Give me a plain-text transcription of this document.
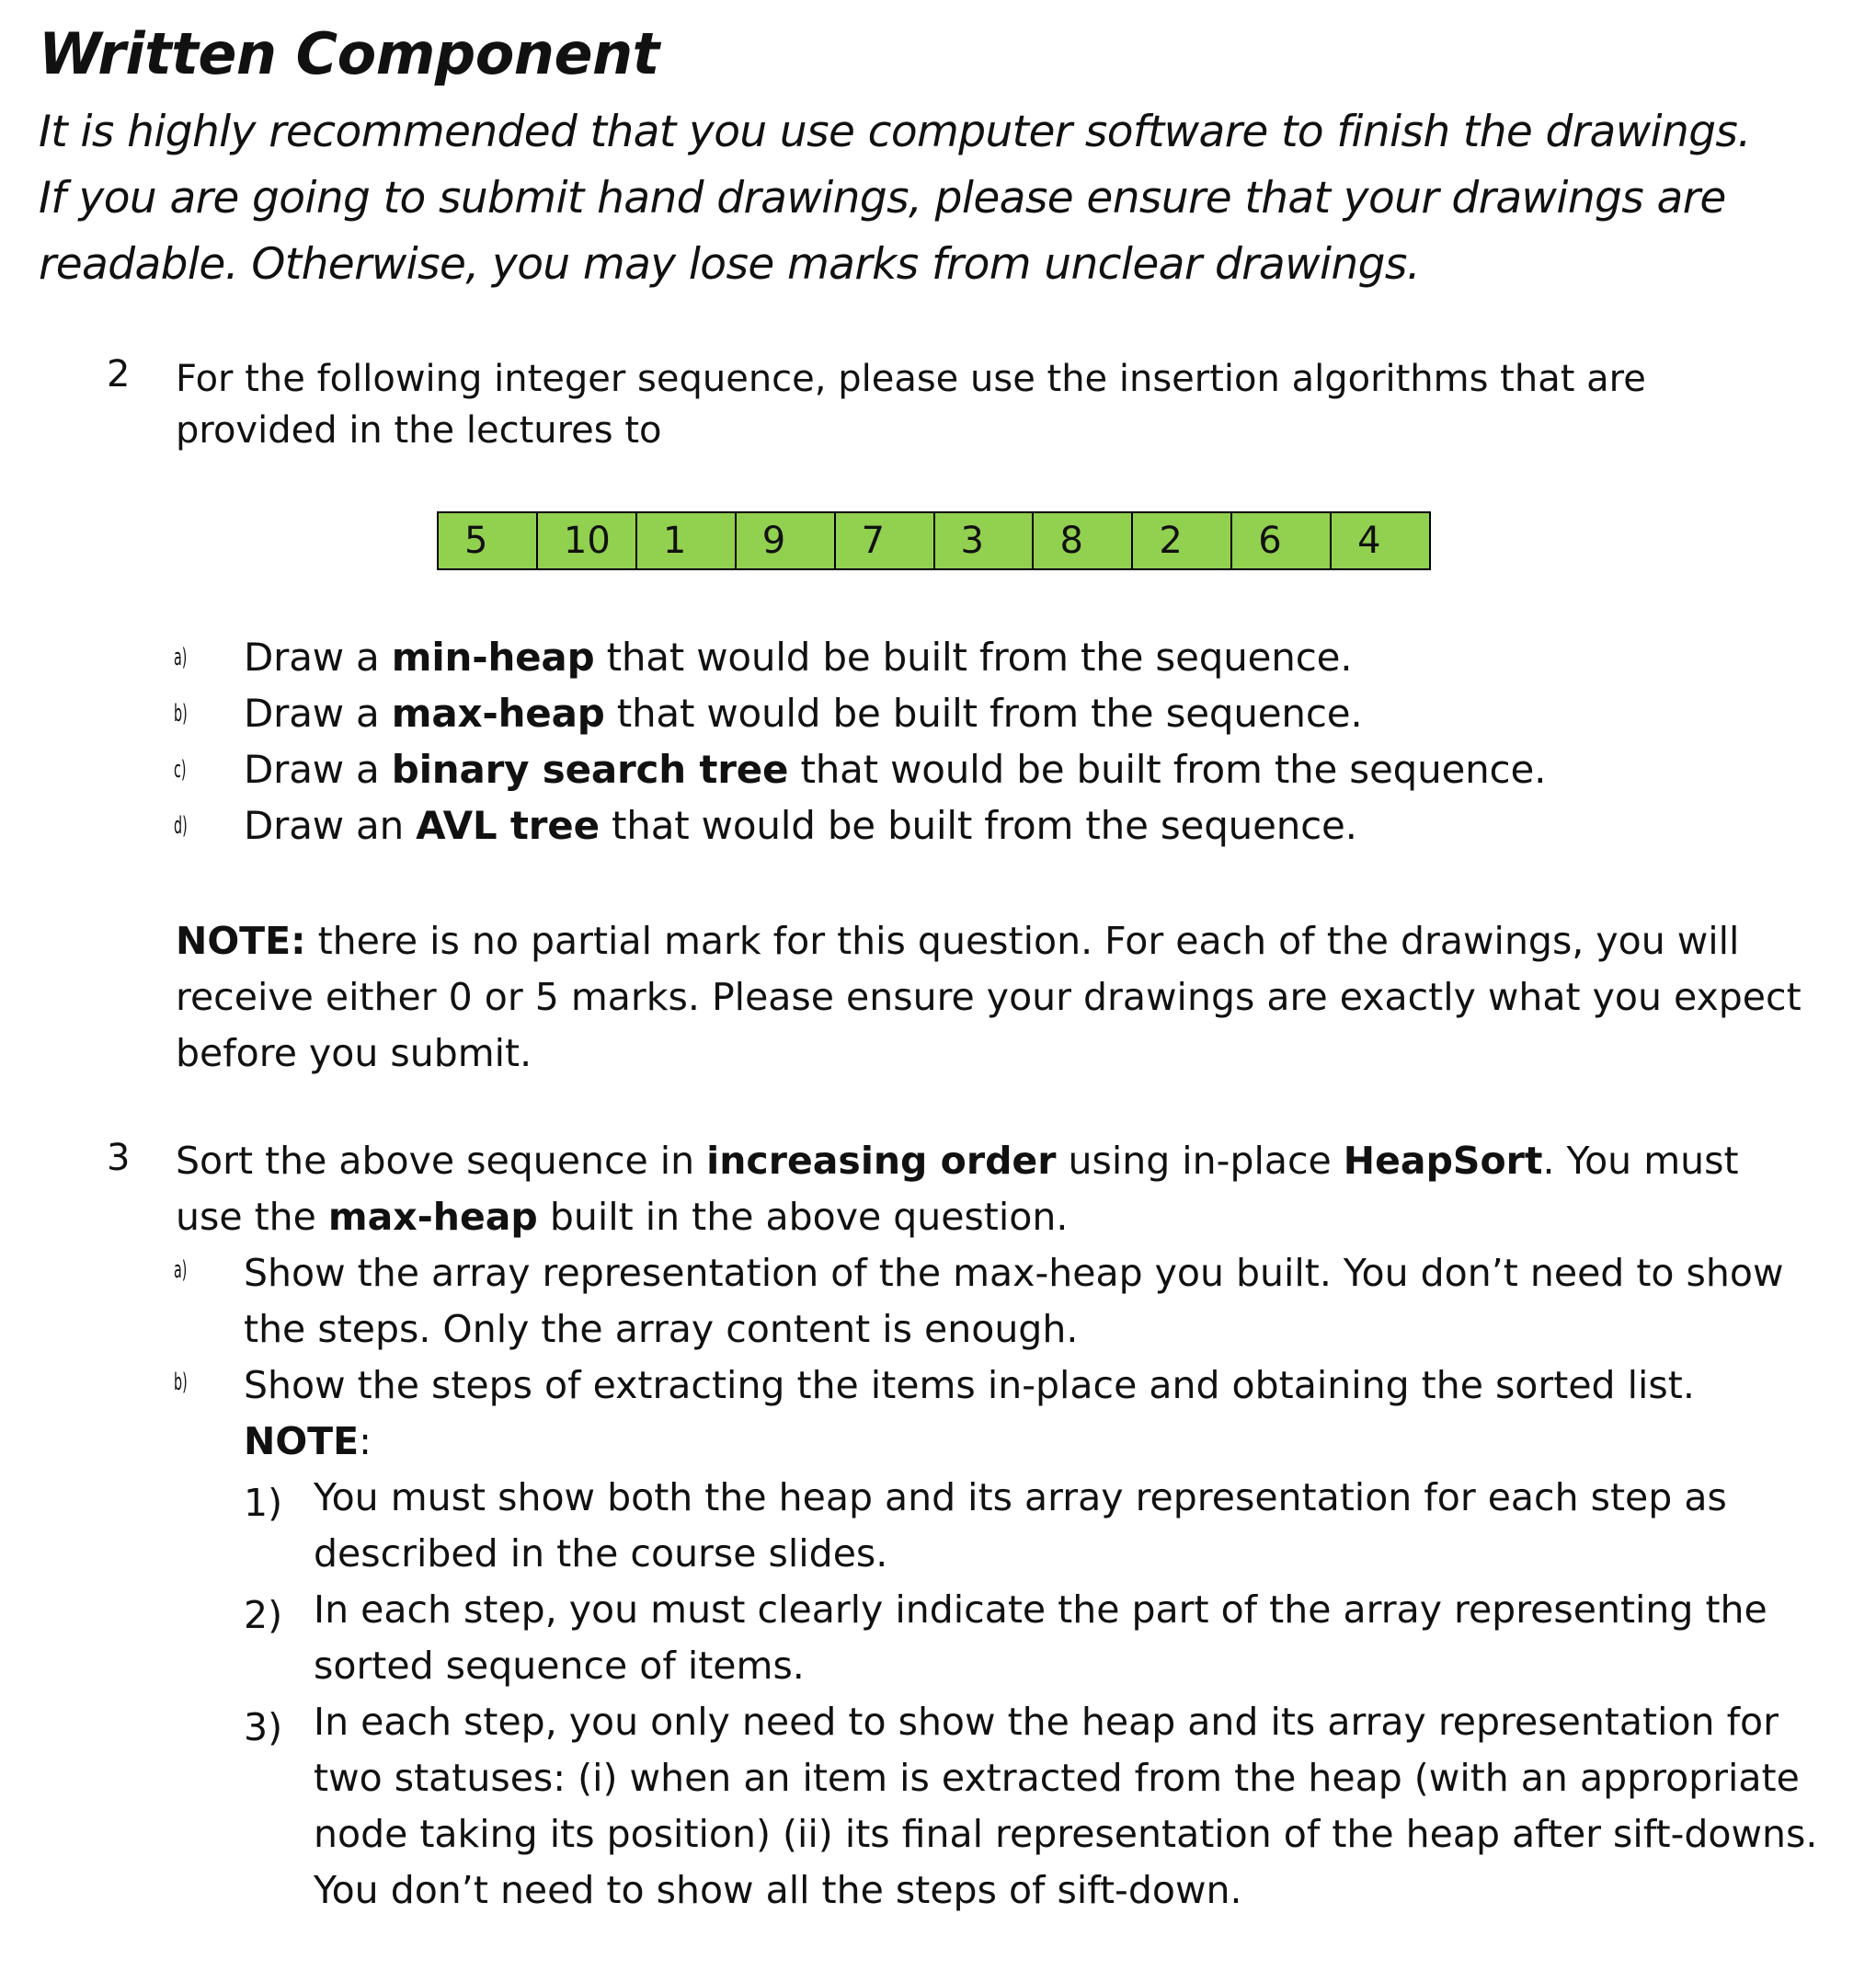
Written Component
It is highly recommended that you use computer software to finish the drawings.
If you are going to submit hand drawings, please ensure that your drawings are
readable. Otherwise, you may lose marks from unclear drawings.
2 For the following integer sequence, please use the insertion algorithms that are
provided in the lectures to
5	10	1	9	7	3	8	2	6	4
a) Draw a min-heap that would be built from the sequence.
b) Draw a max-heap that would be built from the sequence.
c) Draw a binary search tree that would be built from the sequence.
d) Draw an AVL tree that would be built from the sequence.
NOTE: there is no partial mark for this question. For each of the drawings, you will
receive either 0 or 5 marks. Please ensure your drawings are exactly what you expect
before you submit.
3 Sort the above sequence in increasing order using in-place HeapSort. You must
use the max-heap built in the above question.
a) Show the array representation of the max-heap you built. You don’t need to show
the steps. Only the array content is enough.
b) Show the steps of extracting the items in-place and obtaining the sorted list.
NOTE:
1) You must show both the heap and its array representation for each step as
described in the course slides.
2) In each step, you must clearly indicate the part of the array representing the
sorted sequence of items.
3) In each step, you only need to show the heap and its array representation for
two statuses: (i) when an item is extracted from the heap (with an appropriate
node taking its position) (ii) its final representation of the heap after sift-downs.
You don’t need to show all the steps of sift-down.
